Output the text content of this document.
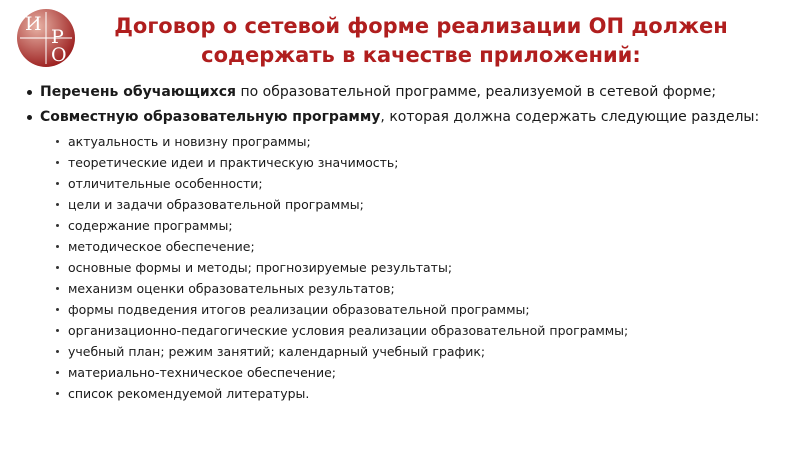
И
Р
О
Договор о сетевой форме реализации ОП должен содержать в качестве приложений:
Перечень обучающихся по образовательной программе, реализуемой в сетевой форме;
Совместную образовательную программу, которая должна содержать следующие разделы:
актуальность и новизну программы;
теоретические идеи и практическую значимость;
отличительные особенности;
цели и задачи образовательной программы;
содержание программы;
методическое обеспечение;
основные формы и методы; прогнозируемые результаты;
механизм оценки образовательных результатов;
формы подведения итогов реализации образовательной программы;
организационно-педагогические условия реализации образовательной программы;
учебный план; режим занятий; календарный учебный график;
материально-техническое обеспечение;
список рекомендуемой литературы.
